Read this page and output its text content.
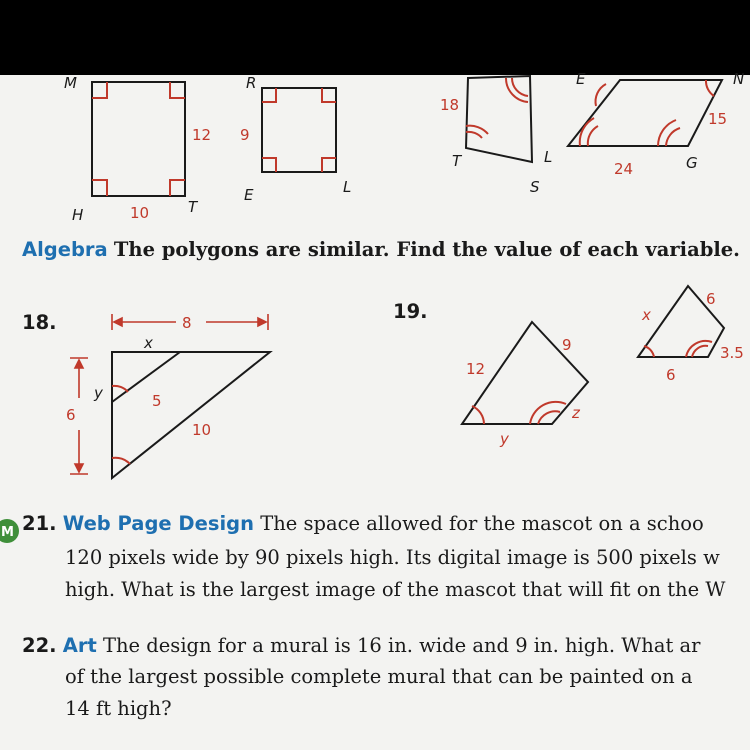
M
12
10
H	T
R
9
E	L
18
T
S
L
E	N
15
24	G
8
x
y
6
5
10
12
9
y
z
x
6
3.5
6
M

Algebra The polygons are similar. Find the value of each variable.

18.	19.

21. Web Page Design The space allowed for the mascot on a schoo

120 pixels wide by 90 pixels high. Its digital image is 500 pixels w

high. What is the largest image of the mascot that will fit on the W

22. Art The design for a mural is 16 in. wide and 9 in. high. What ar

of the largest possible complete mural that can be painted on a

14 ft high?
